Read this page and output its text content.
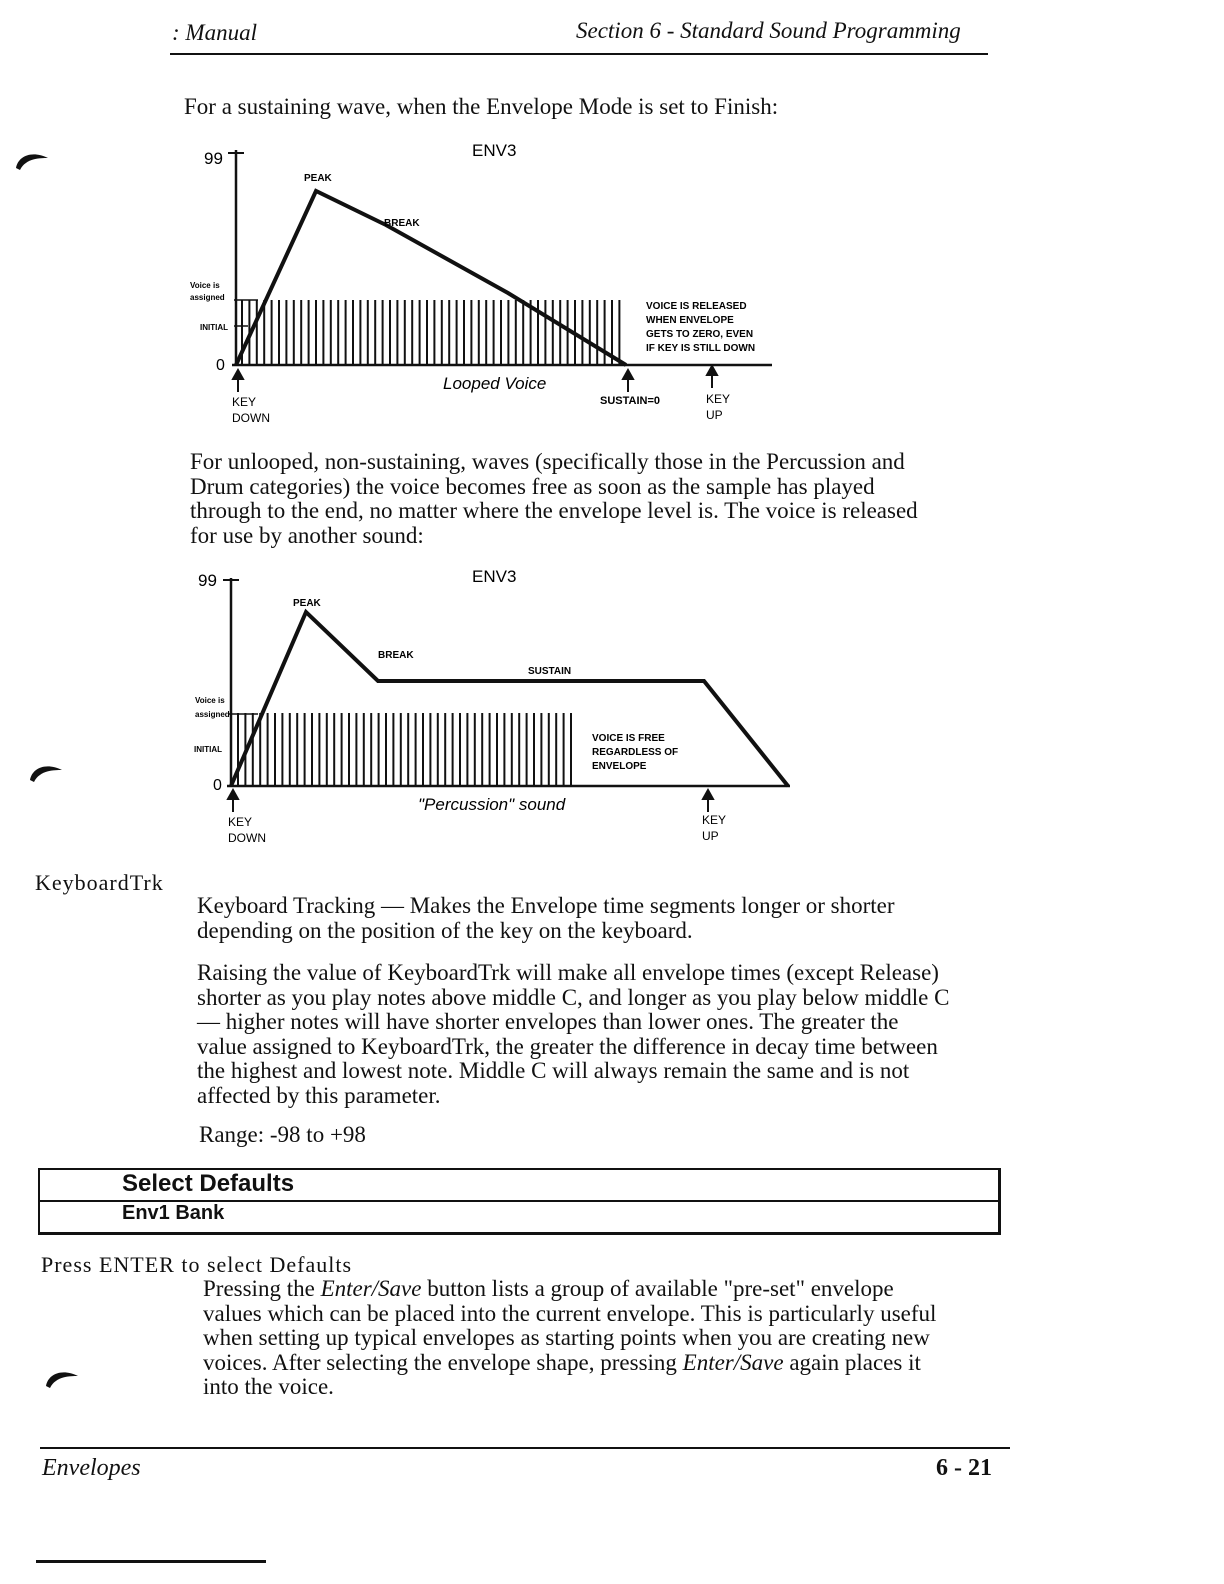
: Manual	Section 6 - Standard Sound Programming
For a sustaining wave, when the Envelope Mode is set to Finish:
99
0
ENV3
PEAK
BREAK
Voice is
assigned
INITIAL
VOICE IS RELEASED
WHEN ENVELOPE
GETS TO ZERO, EVEN
IF KEY IS STILL DOWN
Looped Voice
KEY
DOWN
SUSTAIN=0	KEY
UP
For unlooped, non-sustaining, waves (specifically those in the Percussion and
Drum categories) the voice becomes free as soon as the sample has played
through to the end, no matter where the envelope level is. The voice is released
for use by another sound:
99
0
ENV3
PEAK
BREAK
SUSTAIN
Voice is
assigned
INITIAL
VOICE IS FREE
REGARDLESS OF
ENVELOPE
"Percussion" sound
KEY
DOWN
KEY
UP
KeyboardTrk
Keyboard Tracking — Makes the Envelope time segments longer or shorter
depending on the position of the key on the keyboard.
Raising the value of KeyboardTrk will make all envelope times (except Release)
shorter as you play notes above middle C, and longer as you play below middle C
— higher notes will have shorter envelopes than lower ones. The greater the
value assigned to KeyboardTrk, the greater the difference in decay time between
the highest and lowest note. Middle C will always remain the same and is not
affected by this parameter.
Range: -98 to +98
Select Defaults
Env1 Bank
Press ENTER to select Defaults
Pressing the Enter/Save button lists a group of available "pre-set" envelope
values which can be placed into the current envelope. This is particularly useful
when setting up typical envelopes as starting points when you are creating new
voices. After selecting the envelope shape, pressing Enter/Save again places it
into the voice.
Envelopes	6 - 21
